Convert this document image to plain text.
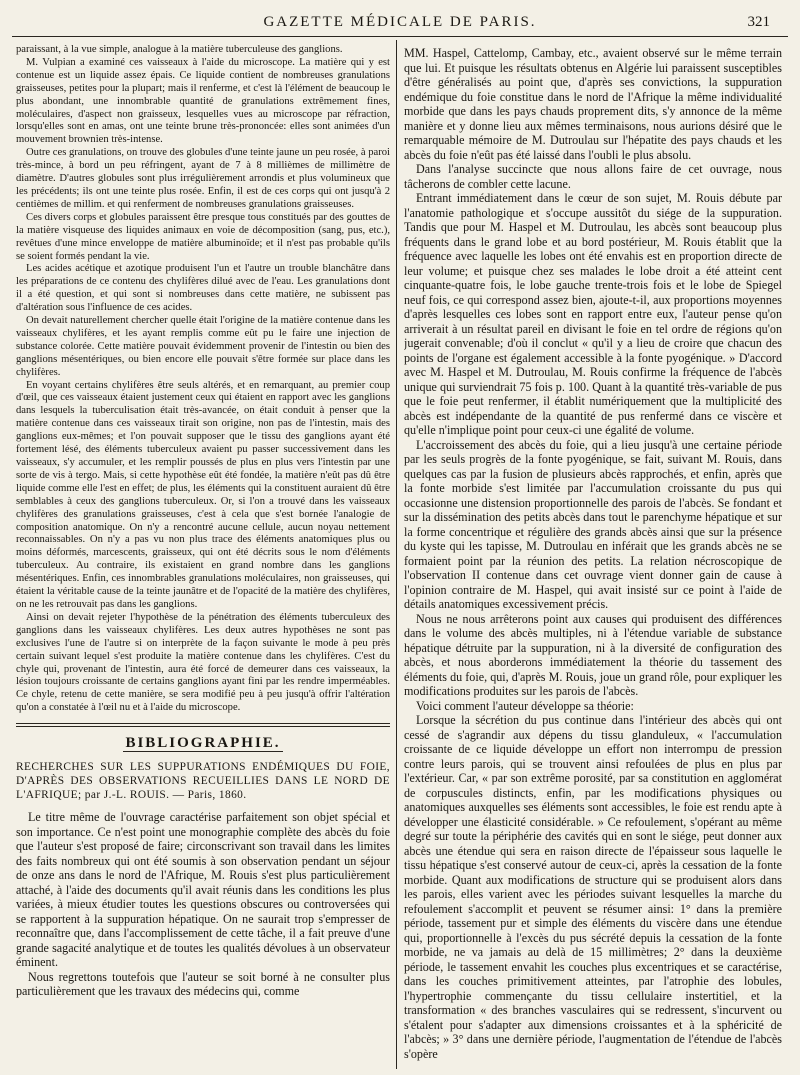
GAZETTE MÉDICALE DE PARIS.	321

paraissant, à la vue simple, analogue à la matière tuberculeuse des ganglions.

M. Vulpian a examiné ces vaisseaux à l'aide du microscope. La matière qui y est contenue est un liquide assez épais. Ce liquide contient de nombreuses granulations graisseuses, petites pour la plupart; mais il renferme, et c'est là l'élément de beaucoup le plus abondant, une innombrable quantité de granulations extrêmement fines, moléculaires, d'aspect non graisseux, lesquelles vues au microscope par réfraction, lorsqu'elles sont en amas, ont une teinte brune très-prononcée: elles sont animées d'un mouvement brownien très-intense.

Outre ces granulations, on trouve des globules d'une teinte jaune un peu rosée, à paroi très-mince, à bord un peu réfringent, ayant de 7 à 8 millièmes de millimètre de diamètre. D'autres globules sont plus irrégulièrement arrondis et plus volumineux que les précédents; ils ont une teinte plus rosée. Enfin, il est de ces corps qui ont jusqu'à 2 centièmes de millim. et qui renferment de nombreuses granulations graisseuses.

Ces divers corps et globules paraissent être presque tous constitués par des gouttes de la matière visqueuse des liquides animaux en voie de décomposition (sang, pus, etc.), revêtues d'une mince enveloppe de matière albuminoïde; et il n'est pas probable qu'ils se soient formés pendant la vie.

Les acides acétique et azotique produisent l'un et l'autre un trouble blanchâtre dans les préparations de ce contenu des chylifères dilué avec de l'eau. Les granulations dont il a été question, et qui sont si nombreuses dans cette matière, ne subissent pas d'altération sous l'influence de ces acides.

On devait naturellement chercher quelle était l'origine de la matière contenue dans les vaisseaux chylifères, et les ayant remplis comme eût pu le faire une injection de substance colorée. Cette matière pouvait évidemment provenir de l'intestin ou bien des ganglions mésentériques, ou bien encore elle pouvait s'être formée sur place dans les chylifères.

En voyant certains chylifères être seuls altérés, et en remarquant, au premier coup d'œil, que ces vaisseaux étaient justement ceux qui étaient en rapport avec les ganglions dans lesquels la tuberculisation était très-avancée, on était conduit à penser que la matière contenue dans ces vaisseaux tirait son origine, non pas de l'intestin, mais des ganglions eux-mêmes; et l'on pouvait supposer que le tissu des ganglions ayant été fortement lésé, des éléments tuberculeux avaient pu passer successivement dans les vaisseaux, s'y accumuler, et les remplir poussés de plus en plus vers l'intestin par une sorte de vis à tergo. Mais, si cette hypothèse eût été fondée, la matière n'eût pas dû être liquide comme elle l'est en effet; de plus, les éléments qui la constituent auraient dû être semblables à ceux des ganglions tuberculeux. Or, si l'on a trouvé dans les vaisseaux chylifères des granulations graisseuses, c'est à cela que s'est bornée l'analogie de composition anatomique. On n'y a rencontré aucune cellule, aucun noyau nettement reconnaissables. On n'y a pas vu non plus trace des éléments anatomiques plus ou moins déformés, marcescents, graisseux, qui ont été décrits sous le nom d'éléments tuberculeux. Au contraire, ils existaient en grand nombre dans les ganglions mésentériques. Enfin, ces innombrables granulations moléculaires, non graisseuses, qui étaient la véritable cause de la teinte jaunâtre et de l'opacité de la matière des chylifères, on ne les retrouvait pas dans les ganglions.

Ainsi on devait rejeter l'hypothèse de la pénétration des éléments tuberculeux des ganglions dans les vaisseaux chylifères. Les deux autres hypothèses ne sont pas exclusives l'une de l'autre si on interprète de la façon suivante le mode à peu près certain suivant lequel s'est produite la matière contenue dans les chylifères. C'est du chyle qui, provenant de l'intestin, aura été forcé de demeurer dans ces vaisseaux, la lésion toujours croissante de certains ganglions ayant fini par les rendre imperméables. Ce chyle, retenu de cette manière, se sera modifié peu à peu jusqu'à offrir l'altération qu'on a constatée à l'œil nu et à l'aide du microscope.

BIBLIOGRAPHIE.
RECHERCHES SUR LES SUPPURATIONS ENDÉMIQUES DU FOIE, D'APRÈS DES OBSERVATIONS RECUEILLIES DANS LE NORD DE L'AFRIQUE; par J.-L. ROUIS. — Paris, 1860.

Le titre même de l'ouvrage caractérise parfaitement son objet spécial et son importance. Ce n'est point une monographie complète des abcès du foie que l'auteur s'est proposé de faire; circonscrivant son travail dans les limites des faits nombreux qui ont été soumis à son observation pendant un séjour de onze ans dans le nord de l'Afrique, M. Rouis s'est plus particulièrement attaché, à l'aide des documents qu'il avait réunis dans les conditions les plus variées, à mieux étudier toutes les questions obscures ou controversées qui se rapportent à la suppuration hépatique. On ne saurait trop s'empresser de reconnaître que, dans l'accomplissement de cette tâche, il a fait preuve d'une grande sagacité analytique et de toutes les qualités dévolues à un observateur éminent.

Nous regrettons toutefois que l'auteur se soit borné à ne consulter plus particulièrement que les travaux des médecins qui, comme

MM. Haspel, Cattelomp, Cambay, etc., avaient observé sur le même terrain que lui. Et puisque les résultats obtenus en Algérie lui paraissent susceptibles d'être généralisés au point que, d'après ses convictions, la suppuration endémique du foie constitue dans le nord de l'Afrique la même individualité morbide que dans les pays chauds proprement dits, s'y annonce de la même manière et y donne lieu aux mêmes terminaisons, nous aurions désiré que le remarquable mémoire de M. Dutroulau sur l'hépatite des pays chauds et les abcès du foie n'eût pas été laissé dans l'oubli le plus absolu.

Dans l'analyse succincte que nous allons faire de cet ouvrage, nous tâcherons de combler cette lacune.

Entrant immédiatement dans le cœur de son sujet, M. Rouis débute par l'anatomie pathologique et s'occupe aussitôt du siége de la suppuration. Tandis que pour M. Haspel et M. Dutroulau, les abcès sont beaucoup plus fréquents dans le grand lobe et au bord postérieur, M. Rouis établit que la fréquence avec laquelle les lobes ont été envahis est en proportion directe de leur volume; et puisque chez ses malades le lobe droit a été atteint cent cinquante-quatre fois, le lobe gauche trente-trois fois et le lobe de Spiegel neuf fois, ce qui correspond assez bien, ajoute-t-il, aux proportions moyennes d'après lesquelles ces lobes sont en rapport entre eux, l'auteur pense qu'on arriverait à un résultat pareil en divisant le foie en tel ordre de régions qu'on jugerait convenable; d'où il conclut « qu'il y a lieu de croire que chacun des points de l'organe est également accessible à la fonte pyogénique. » D'accord avec M. Haspel et M. Dutroulau, M. Rouis confirme la fréquence de l'abcès unique qui surviendrait 75 fois p. 100. Quant à la quantité très-variable de pus que le foie peut renfermer, il établit numériquement que la multiplicité des abcès est indépendante de la quantité de pus renfermé dans ce viscère et qu'elle n'implique point pour ceux-ci une égalité de volume.

L'accroissement des abcès du foie, qui a lieu jusqu'à une certaine période par les seuls progrès de la fonte pyogénique, se fait, suivant M. Rouis, dans quelques cas par la fusion de plusieurs abcès rapprochés, et enfin, après que la fonte morbide s'est limitée par l'accumulation croissante du pus qui occasionne une distension proportionnelle des parois de l'abcès. Se fondant et sur la dissémination des petits abcès dans tout le parenchyme hépatique et sur la forme concentrique et régulière des grands abcès ainsi que sur la présence du kyste qui les tapisse, M. Dutroulau en inférait que les grands abcès ne se formaient point par la réunion des petits. La relation nécroscopique de l'observation II contenue dans cet ouvrage vient donner gain de cause à l'opinion contraire de M. Haspel, qui avait insisté sur ce point à l'aide de détails anatomiques excessivement précis.

Nous ne nous arrêterons point aux causes qui produisent des différences dans le volume des abcès multiples, ni à l'étendue variable de substance hépatique détruite par la suppuration, ni à la diversité de configuration des abcès, et nous aborderons immédiatement la théorie du tassement des éléments du foie, qui, d'après M. Rouis, joue un grand rôle, pour expliquer les modifications produites sur les parois de l'abcès.

Voici comment l'auteur développe sa théorie:

Lorsque la sécrétion du pus continue dans l'intérieur des abcès qui ont cessé de s'agrandir aux dépens du tissu glanduleux, « l'accumulation croissante de ce liquide développe un effort non interrompu de pression contre leurs parois, qui se trouvent ainsi refoulées de plus en plus par l'extérieur. Car, « par son extrême porosité, par sa constitution en agglomérat de corpuscules distincts, enfin, par les modifications physiques ou anatomiques auxquelles ses éléments sont accessibles, le foie est rendu apte à développer une élasticité considérable. » Ce refoulement, s'opérant au même degré sur toute la périphérie des cavités qui en sont le siége, peut donner aux abcès une étendue qui sera en raison directe de l'épaisseur sous laquelle le tissu hépatique s'est conservé autour de ceux-ci, après la cessation de la fonte morbide. Quant aux modifications de structure qui se produisent alors dans les parois, elles varient avec les périodes suivant lesquelles la marche du refoulement s'accomplit et peuvent se résumer ainsi: 1° dans la première période, tassement pur et simple des éléments du viscère dans une étendue qui, proportionnelle à l'excès du pus sécrété depuis la cessation de la fonte morbide, ne va jamais au delà de 15 millimètres; 2° dans la deuxième période, le tassement envahit les couches plus excentriques et se caractérise, dans les couches primitivement atteintes, par l'atrophie des lobules, l'hypertrophie commençante du tissu cellulaire instertitiel, et la transformation « des branches vasculaires qui se redressent, s'incurvent ou s'étalent pour s'adapter aux dimensions croissantes et à la sphéricité de l'abcès; » 3° dans une dernière période, l'augmentation de l'étendue de l'abcès s'opère
